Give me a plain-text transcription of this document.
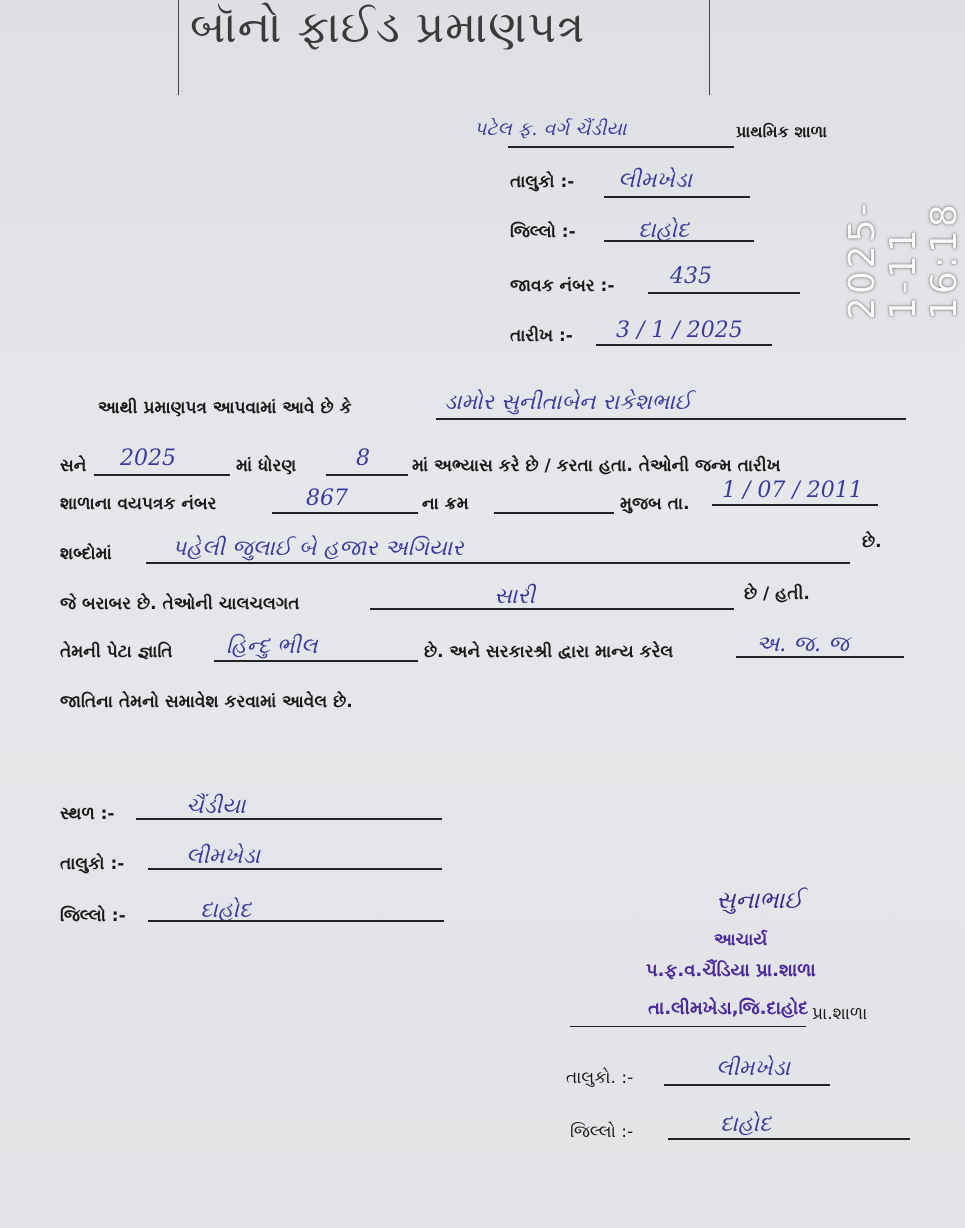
બૉનો ફાઈડ પ્રમાણપત્ર
2025-1-11 16:18
પટેલ ફ. વર્ગ ચૈંડીયા	પ્રાથમિક શાળા
તાલુકો :- લીમખેડા
જિલ્લો :-	દાહોદ
જાવક નંબર :-	435
તારીખ :- 3 / 1 / 2025
આથી પ્રમાણપત્ર આપવામાં આવે છે કે	ડામોર સુનીતાબેન રાકેશભાઈ
સને 2025	માં ધોરણ	8 માં અભ્યાસ કરે છે / કરતા હતા. તેઓની જન્મ તારીખ
શાળાના વયપત્રક નંબર	867	ના ક્રમ	મુજબ તા.
1 / 07 / 2011
શબ્દોમાં	પહેલી જુલાઈ બે હજાર અગિયાર	છે.
જે બરાબર છે. તેઓની ચાલચલગત	સારી	છે / હતી.
તેમની પેટા જ્ઞાતિ હિન્દુ ભીલ	છે. અને સરકારશ્રી દ્વારા માન્ય કરેલ	અ. જ. જ
જાતિના તેમનો સમાવેશ કરવામાં આવેલ છે.
સ્થળ :-	ચૈંડીયા
તાલુકો :-	લીમખેડા
જિલ્લો :-	દાહોદ	સુનાભાઈ
આચાર્ય
પ.ફ.વ.ચૈંડિયા પ્રા.શાળા
તા.લીમખેડા,જિ.દાહોદ પ્રા.શાળા
તાલુકો. :-	લીમખેડા
જિલ્લો :-	દાહોદ
